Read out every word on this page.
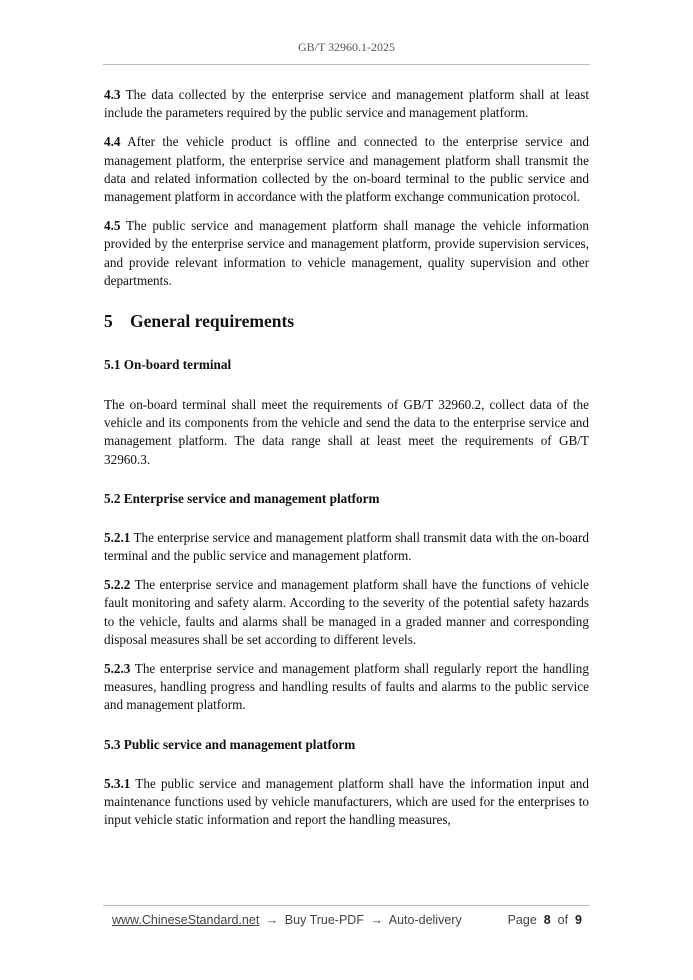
GB/T 32960.1-2025

4.3 The data collected by the enterprise service and management platform shall at least include the parameters required by the public service and management platform.

4.4 After the vehicle product is offline and connected to the enterprise service and management platform, the enterprise service and management platform shall transmit the data and related information collected by the on-board terminal to the public service and management platform in accordance with the platform exchange communication protocol.

4.5 The public service and management platform shall manage the vehicle information provided by the enterprise service and management platform, provide supervision services, and provide relevant information to vehicle management, quality supervision and other departments.

5 General requirements
5.1 On-board terminal

The on-board terminal shall meet the requirements of GB/T 32960.2, collect data of the vehicle and its components from the vehicle and send the data to the enterprise service and management platform. The data range shall at least meet the requirements of GB/T 32960.3.

5.2 Enterprise service and management platform

5.2.1 The enterprise service and management platform shall transmit data with the on-board terminal and the public service and management platform.

5.2.2 The enterprise service and management platform shall have the functions of vehicle fault monitoring and safety alarm. According to the severity of the potential safety hazards to the vehicle, faults and alarms shall be managed in a graded manner and corresponding disposal measures shall be set according to different levels.

5.2.3 The enterprise service and management platform shall regularly report the handling measures, handling progress and handling results of faults and alarms to the public service and management platform.

5.3 Public service and management platform

5.3.1 The public service and management platform shall have the information input and maintenance functions used by vehicle manufacturers, which are used for the enterprises to input vehicle static information and report the handling measures,

www.ChineseStandard.net → Buy True-PDF → Auto-delivery	Page 8 of 9
